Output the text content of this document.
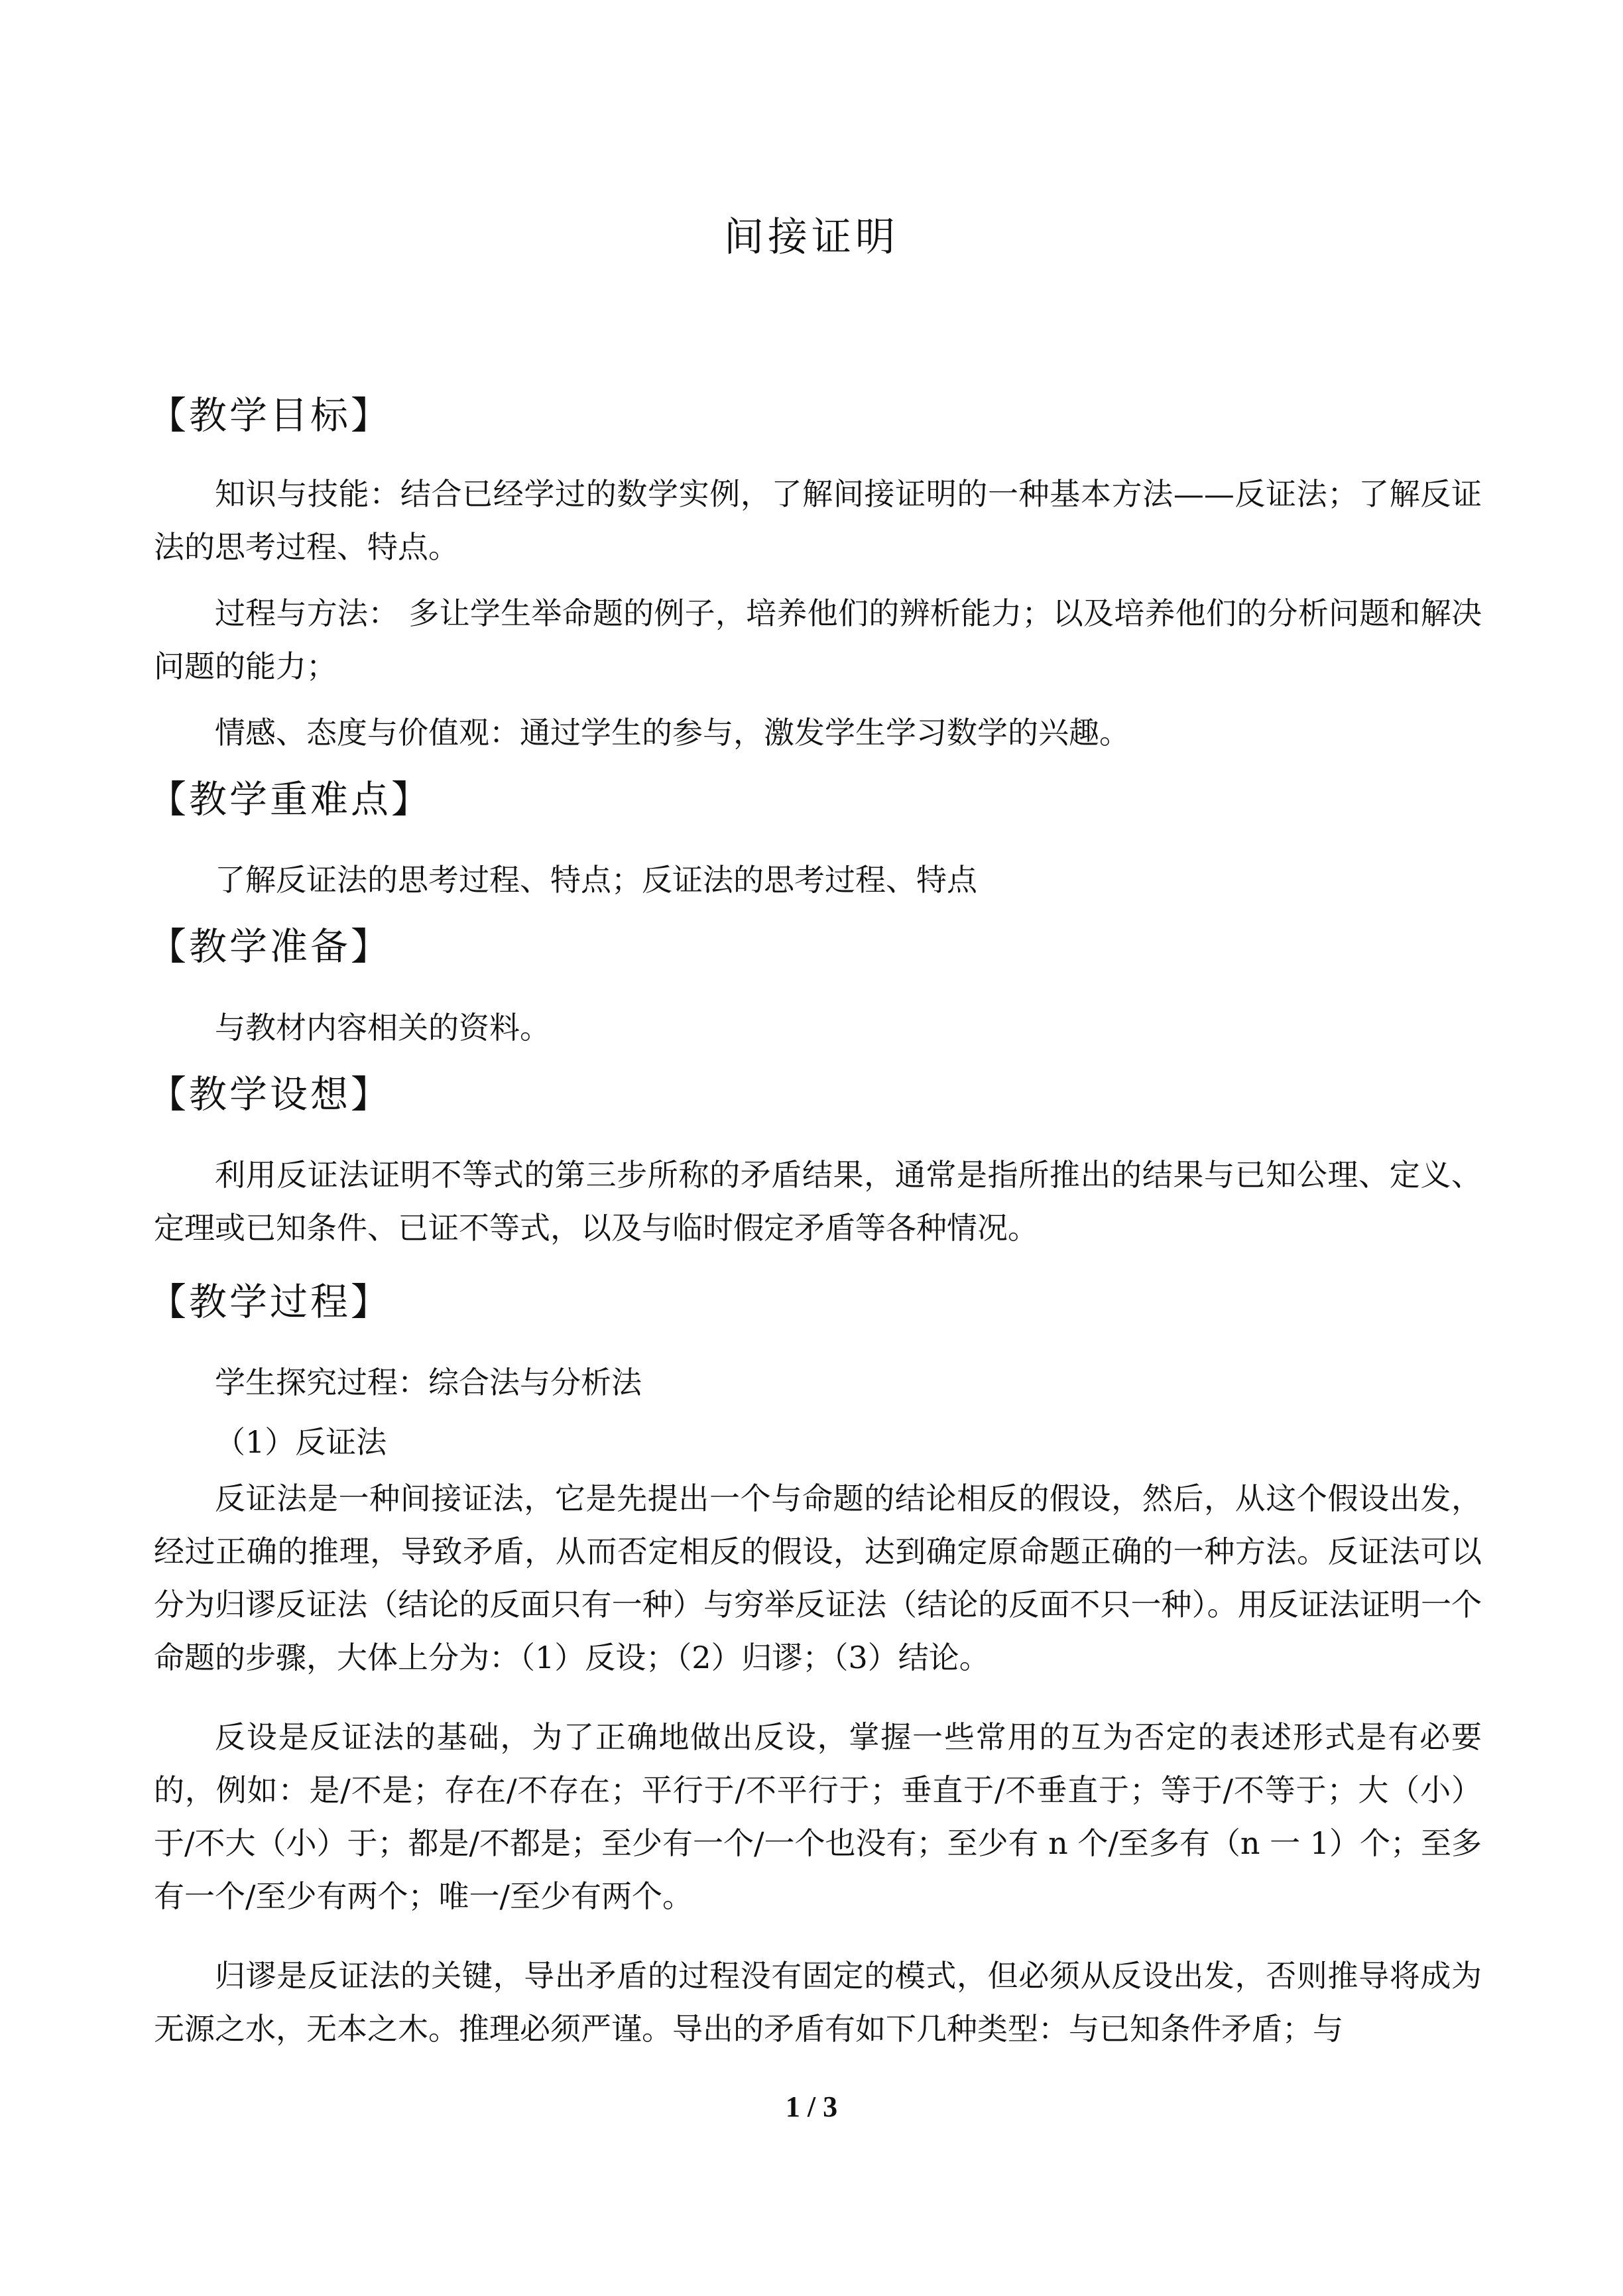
间接证明
【教学目标】
知识与技能：结合已经学过的数学实例，了解间接证明的一种基本方法——反证法；了解反证法的思考过程、特点。
过程与方法： 多让学生举命题的例子，培养他们的辨析能力；以及培养他们的分析问题和解决问题的能力；
情感、态度与价值观：通过学生的参与，激发学生学习数学的兴趣。
【教学重难点】
了解反证法的思考过程、特点；反证法的思考过程、特点
【教学准备】
与教材内容相关的资料。
【教学设想】
利用反证法证明不等式的第三步所称的矛盾结果，通常是指所推出的结果与已知公理、定义、定理或已知条件、已证不等式，以及与临时假定矛盾等各种情况。
【教学过程】
学生探究过程：综合法与分析法
（1）反证法
反证法是一种间接证法，它是先提出一个与命题的结论相反的假设，然后，从这个假设出发，经过正确的推理，导致矛盾，从而否定相反的假设，达到确定原命题正确的一种方法。反证法可以分为归谬反证法（结论的反面只有一种）与穷举反证法（结论的反面不只一种）。用反证法证明一个命题的步骤，大体上分为：（1）反设；（2）归谬；（3）结论。
反设是反证法的基础，为了正确地做出反设，掌握一些常用的互为否定的表述形式是有必要的，例如：是/不是；存在/不存在；平行于/不平行于；垂直于/不垂直于；等于/不等于；大（小）于/不大（小）于；都是/不都是；至少有一个/一个也没有；至少有 n 个/至多有（n 一 1）个；至多有一个/至少有两个；唯一/至少有两个。
归谬是反证法的关键，导出矛盾的过程没有固定的模式，但必须从反设出发，否则推导将成为无源之水，无本之木。推理必须严谨。导出的矛盾有如下几种类型：与已知条件矛盾；与
1 / 3
